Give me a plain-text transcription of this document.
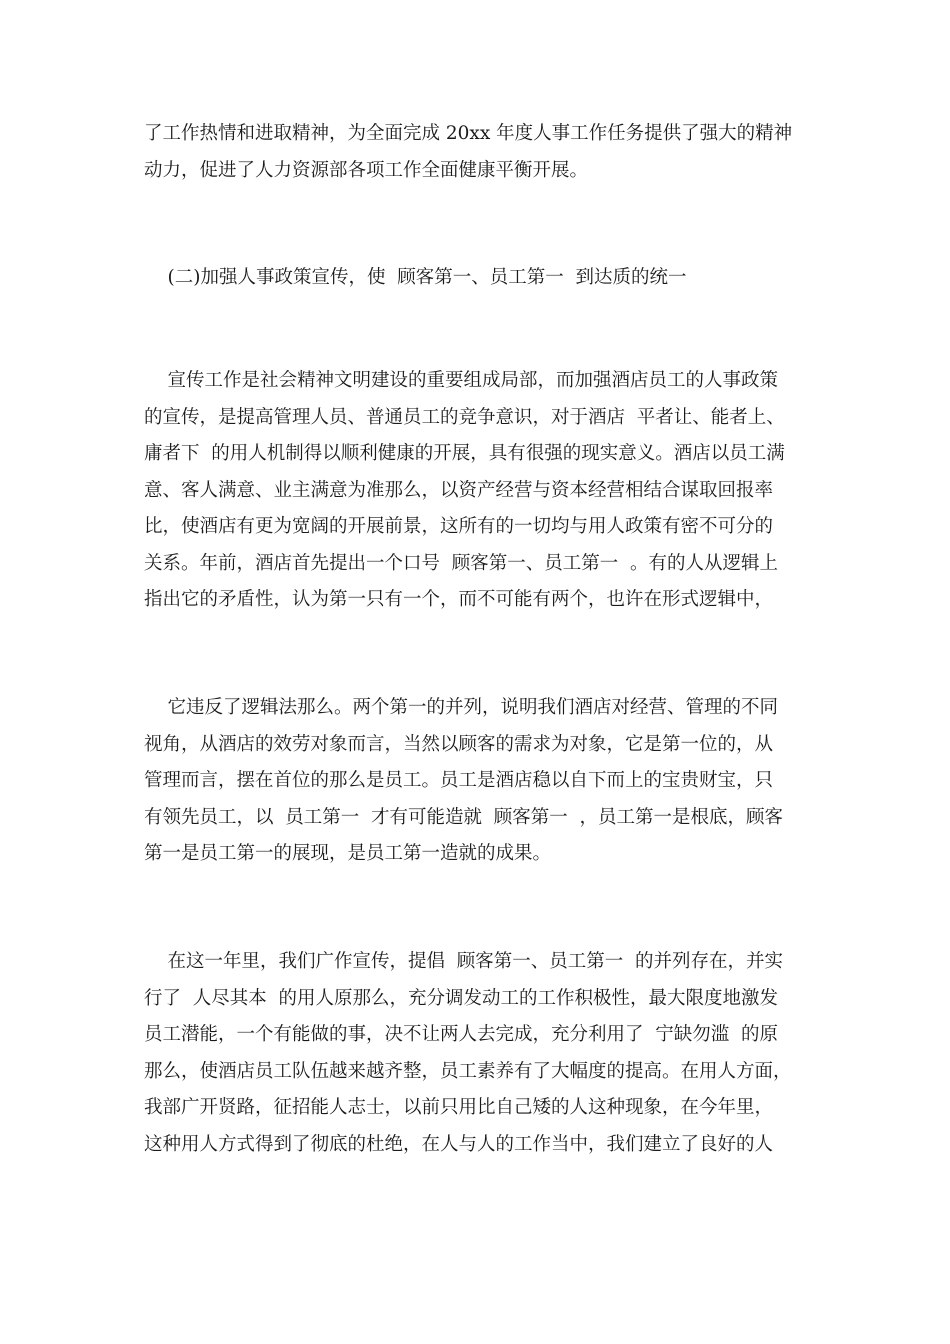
了工作热情和进取精神，为全面完成 20xx 年度人事工作任务提供了强大的精神
动力，促进了人力资源部各项工作全面健康平衡开展。
(二)加强人事政策宣传，使  顾客第一、员工第一  到达质的统一
宣传工作是社会精神文明建设的重要组成局部，而加强酒店员工的人事政策
的宣传，是提高管理人员、普通员工的竞争意识，对于酒店  平者让、能者上、
庸者下  的用人机制得以顺利健康的开展，具有很强的现实意义。酒店以员工满
意、客人满意、业主满意为准那么，以资产经营与资本经营相结合谋取回报率
比，使酒店有更为宽阔的开展前景，这所有的一切均与用人政策有密不可分的
关系。年前，酒店首先提出一个口号  顾客第一、员工第一  。有的人从逻辑上
指出它的矛盾性，认为第一只有一个，而不可能有两个，也许在形式逻辑中，
它违反了逻辑法那么。两个第一的并列，说明我们酒店对经营、管理的不同
视角，从酒店的效劳对象而言，当然以顾客的需求为对象，它是第一位的，从
管理而言，摆在首位的那么是员工。员工是酒店稳以自下而上的宝贵财宝，只
有领先员工，以  员工第一  才有可能造就  顾客第一  ，员工第一是根底，顾客
第一是员工第一的展现，是员工第一造就的成果。
在这一年里，我们广作宣传，提倡  顾客第一、员工第一  的并列存在，并实
行了  人尽其本  的用人原那么，充分调发动工的工作积极性，最大限度地激发
员工潜能，一个有能做的事，决不让两人去完成，充分利用了  宁缺勿滥  的原
那么，使酒店员工队伍越来越齐整，员工素养有了大幅度的提高。在用人方面，
我部广开贤路，征招能人志士，以前只用比自己矮的人这种现象，在今年里，
这种用人方式得到了彻底的杜绝，在人与人的工作当中，我们建立了良好的人
